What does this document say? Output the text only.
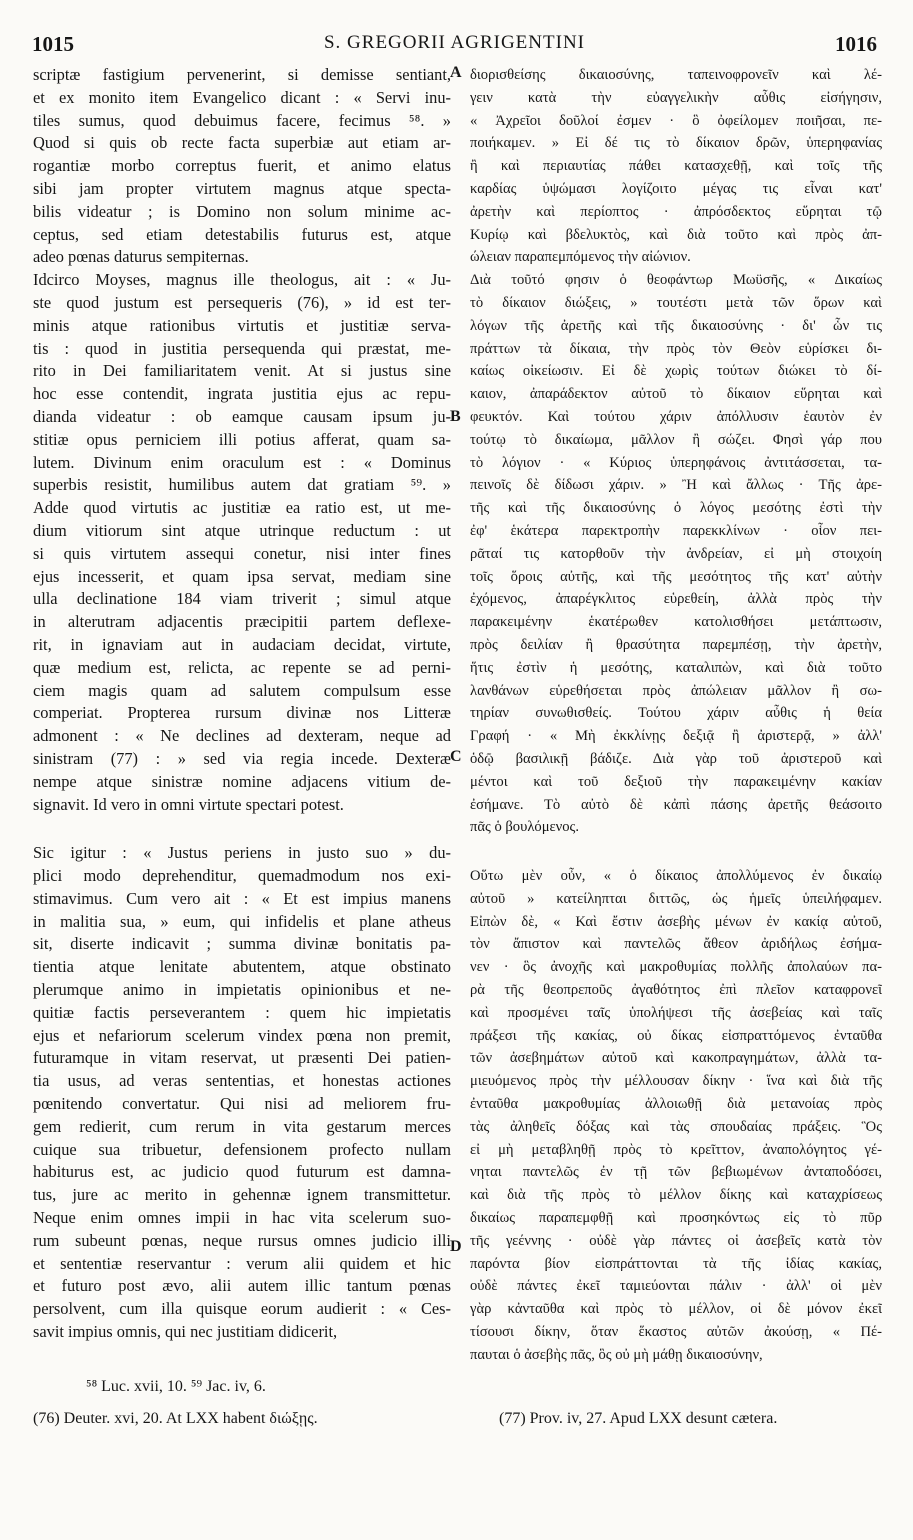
1015	S. GREGORII AGRIGENTINI	1016
scriptæ fastigium pervenerint, si demisse sentiant,
et ex monito item Evangelico dicant : « Servi inu-
tiles sumus, quod debuimus facere, fecimus ⁵⁸. »
Quod si quis ob recte facta superbiæ aut etiam ar-
rogantiæ morbo correptus fuerit, et animo elatus
sibi jam propter virtutem magnus atque specta-
bilis videatur ; is Domino non solum minime ac-
ceptus, sed etiam detestabilis futurus est, atque
adeo pœnas daturus sempiternas.
Idcirco Moyses, magnus ille theologus, ait : « Ju-
ste quod justum est persequeris (76), » id est ter-
minis atque rationibus virtutis et justitiæ serva-
tis : quod in justitia persequenda qui præstat, me-
rito in Dei familiaritatem venit. At si justus sine
hoc esse contendit, ingrata justitia ejus ac repu-
dianda videatur : ob eamque causam ipsum ju-
stitiæ opus perniciem illi potius afferat, quam sa-
lutem. Divinum enim oraculum est : « Dominus
superbis resistit, humilibus autem dat gratiam ⁵⁹. »
Adde quod virtutis ac justitiæ ea ratio est, ut me-
dium vitiorum sint atque utrinque reductum : ut
si quis virtutem assequi conetur, nisi inter fines
ejus incesserit, et quam ipsa servat, mediam sine
ulla declinatione 184 viam triverit ; simul atque
in alterutram adjacentis præcipitii partem deflexe-
rit, in ignaviam aut in audaciam decidat, virtute,
quæ medium est, relicta, ac repente se ad perni-
ciem magis quam ad salutem compulsum esse
comperiat. Propterea rursum divinæ nos Litteræ
admonent : « Ne declines ad dexteram, neque ad
sinistram (77) : » sed via regia incede. Dexteræ
nempe atque sinistræ nomine adjacens vitium de-
signavit. Id vero in omni virtute spectari potest.
Sic igitur : « Justus periens in justo suo » du-
plici modo deprehenditur, quemadmodum nos exi-
stimavimus. Cum vero ait : « Et est impius manens
in malitia sua, » eum, qui infidelis et plane atheus
sit, diserte indicavit ; summa divinæ bonitatis pa-
tientia atque lenitate abutentem, atque obstinato
plerumque animo in impietatis opinionibus et ne-
quitiæ factis perseverantem : quem hic impietatis
ejus et nefariorum scelerum vindex pœna non premit,
futuramque in vitam reservat, ut præsenti Dei patien-
tia usus, ad veras sententias, et honestas actiones
pœnitendo convertatur. Qui nisi ad meliorem fru-
gem redierit, cum rerum in vita gestarum merces
cuique sua tribuetur, defensionem profecto nullam
habiturus est, ac judicio quod futurum est damna-
tus, jure ac merito in gehennæ ignem transmittetur.
Neque enim omnes impii in hac vita scelerum suo-
rum subeunt pœnas, neque rursus omnes judicio illi
et sententiæ reservantur : verum alii quidem et hic
et futuro post ævo, alii autem illic tantum pœnas
persolvent, cum illa quisque eorum audierit : « Ces-
savit impius omnis, qui nec justitiam didicerit,
A
B
C
D
διορισθείσης δικαιοσύνης, ταπεινοφρονεῖν καὶ λέ-
γειν κατὰ τὴν εὐαγγελικὴν αὖθις εἰσήγησιν,
« Ἀχρεῖοι δοῦλοί ἐσμεν · ὃ ὀφείλομεν ποιῆσαι, πε-
ποιήκαμεν. » Εἰ δέ τις τὸ δίκαιον δρῶν, ὑπερηφανίας
ἢ καὶ περιαυτίας πάθει κατασχεθῇ, καὶ τοῖς τῆς
καρδίας ὑψώμασι λογίζοιτο μέγας τις εἶναι κατ'
ἀρετὴν καὶ περίοπτος · ἀπρόσδεκτος εὕρηται τῷ
Κυρίῳ καὶ βδελυκτὸς, καὶ διὰ τοῦτο καὶ πρὸς ἀπ-
ώλειαν παραπεμπόμενος τὴν αἰώνιον.
Διὰ τοῦτό φησιν ὁ θεοφάντωρ Μωϋσῆς, « Δικαίως
τὸ δίκαιον διώξεις, » τουτέστι μετὰ τῶν ὅρων καὶ
λόγων τῆς ἀρετῆς καὶ τῆς δικαιοσύνης · δι' ὧν τις
πράττων τὰ δίκαια, τὴν πρὸς τὸν Θεὸν εὑρίσκει δι-
καίως οἰκείωσιν. Εἰ δὲ χωρὶς τούτων διώκει τὸ δί-
καιον, ἀπαράδεκτον αὐτοῦ τὸ δίκαιον εὕρηται καὶ
φευκτόν. Καὶ τούτου χάριν ἀπόλλυσιν ἑαυτὸν ἐν
τούτῳ τὸ δικαίωμα, μᾶλλον ἢ σώζει. Φησὶ γάρ που
τὸ λόγιον · « Κύριος ὑπερηφάνοις ἀντιτάσσεται, τα-
πεινοῖς δὲ δίδωσι χάριν. » Ἢ καὶ ἄλλως · Τῆς ἀρε-
τῆς καὶ τῆς δικαιοσύνης ὁ λόγος μεσότης ἐστὶ τὴν
ἐφ' ἑκάτερα παρεκτροπὴν παρεκκλίνων · οἷον πει-
ρᾶταί τις κατορθοῦν τὴν ἀνδρείαν, εἰ μὴ στοιχοίη
τοῖς ὅροις αὐτῆς, καὶ τῆς μεσότητος τῆς κατ' αὐτὴν
ἐχόμενος, ἀπαρέγκλιτος εὑρεθείη, ἀλλὰ πρὸς τὴν
παρακειμένην ἑκατέρωθεν κατολισθήσει μετάπτωσιν,
πρὸς δειλίαν ἢ θρασύτητα παρεμπέσῃ, τὴν ἀρετὴν,
ἥτις ἐστὶν ἡ μεσότης, καταλιπὼν, καὶ διὰ τοῦτο
λανθάνων εὑρεθήσεται πρὸς ἀπώλειαν μᾶλλον ἢ σω-
τηρίαν συνωθισθείς. Τούτου χάριν αὖθις ἡ θεία
Γραφή · « Μὴ ἐκκλίνῃς δεξιᾷ ἢ ἀριστερᾷ, » ἀλλ'
ὁδῷ βασιλικῇ βάδιζε. Διὰ γὰρ τοῦ ἀριστεροῦ καὶ
μέντοι καὶ τοῦ δεξιοῦ τὴν παρακειμένην κακίαν
ἐσήμανε. Τὸ αὐτὸ δὲ κἀπὶ πάσης ἀρετῆς θεάσοιτο
πᾶς ὁ βουλόμενος.
Οὕτω μὲν οὖν, « ὁ δίκαιος ἀπολλύμενος ἐν δικαίῳ
αὐτοῦ » κατείληπται διττῶς, ὡς ἡμεῖς ὑπειλήφαμεν.
Εἰπὼν δὲ, « Καὶ ἔστιν ἀσεβὴς μένων ἐν κακίᾳ αὐτοῦ,
τὸν ἄπιστον καὶ παντελῶς ἄθεον ἀριδήλως ἐσήμα-
νεν · ὃς ἀνοχῆς καὶ μακροθυμίας πολλῆς ἀπολαύων πα-
ρὰ τῆς θεοπρεποῦς ἀγαθότητος ἐπὶ πλεῖον καταφρονεῖ
καὶ προσμένει ταῖς ὑπολήψεσι τῆς ἀσεβείας καὶ ταῖς
πράξεσι τῆς κακίας, οὐ δίκας εἰσπραττόμενος ἐνταῦθα
τῶν ἀσεβημάτων αὐτοῦ καὶ κακοπραγημάτων, ἀλλὰ τα-
μιευόμενος πρὸς τὴν μέλλουσαν δίκην · ἵνα καὶ διὰ τῆς
ἐνταῦθα μακροθυμίας ἀλλοιωθῇ διὰ μετανοίας πρὸς
τὰς ἀληθεῖς δόξας καὶ τὰς σπουδαίας πράξεις. Ὃς
εἰ μὴ μεταβληθῇ πρὸς τὸ κρεῖττον, ἀναπολόγητος γέ-
νηται παντελῶς ἐν τῇ τῶν βεβιωμένων ἀνταποδόσει,
καὶ διὰ τῆς πρὸς τὸ μέλλον δίκης καὶ καταχρίσεως
δικαίως παραπεμφθῇ καὶ προσηκόντως εἰς τὸ πῦρ
τῆς γεέννης · οὐδὲ γὰρ πάντες οἱ ἀσεβεῖς κατὰ τὸν
παρόντα βίον εἰσπράττονται τὰ τῆς ἰδίας κακίας,
οὐδὲ πάντες ἐκεῖ ταμιεύονται πάλιν · ἀλλ' οἱ μὲν
γὰρ κἀνταῦθα καὶ πρὸς τὸ μέλλον, οἱ δὲ μόνον ἐκεῖ
τίσουσι δίκην, ὅταν ἕκαστος αὐτῶν ἀκούσῃ, « Πέ-
παυται ὁ ἀσεβὴς πᾶς, ὃς οὐ μὴ μάθῃ δικαιοσύνην,
⁵⁸ Luc. xvii, 10. ⁵⁹ Jac. iv, 6.
(76) Deuter. xvi, 20. At LXX habent διώξῃς.	(77) Prov. iv, 27. Apud LXX desunt cætera.
